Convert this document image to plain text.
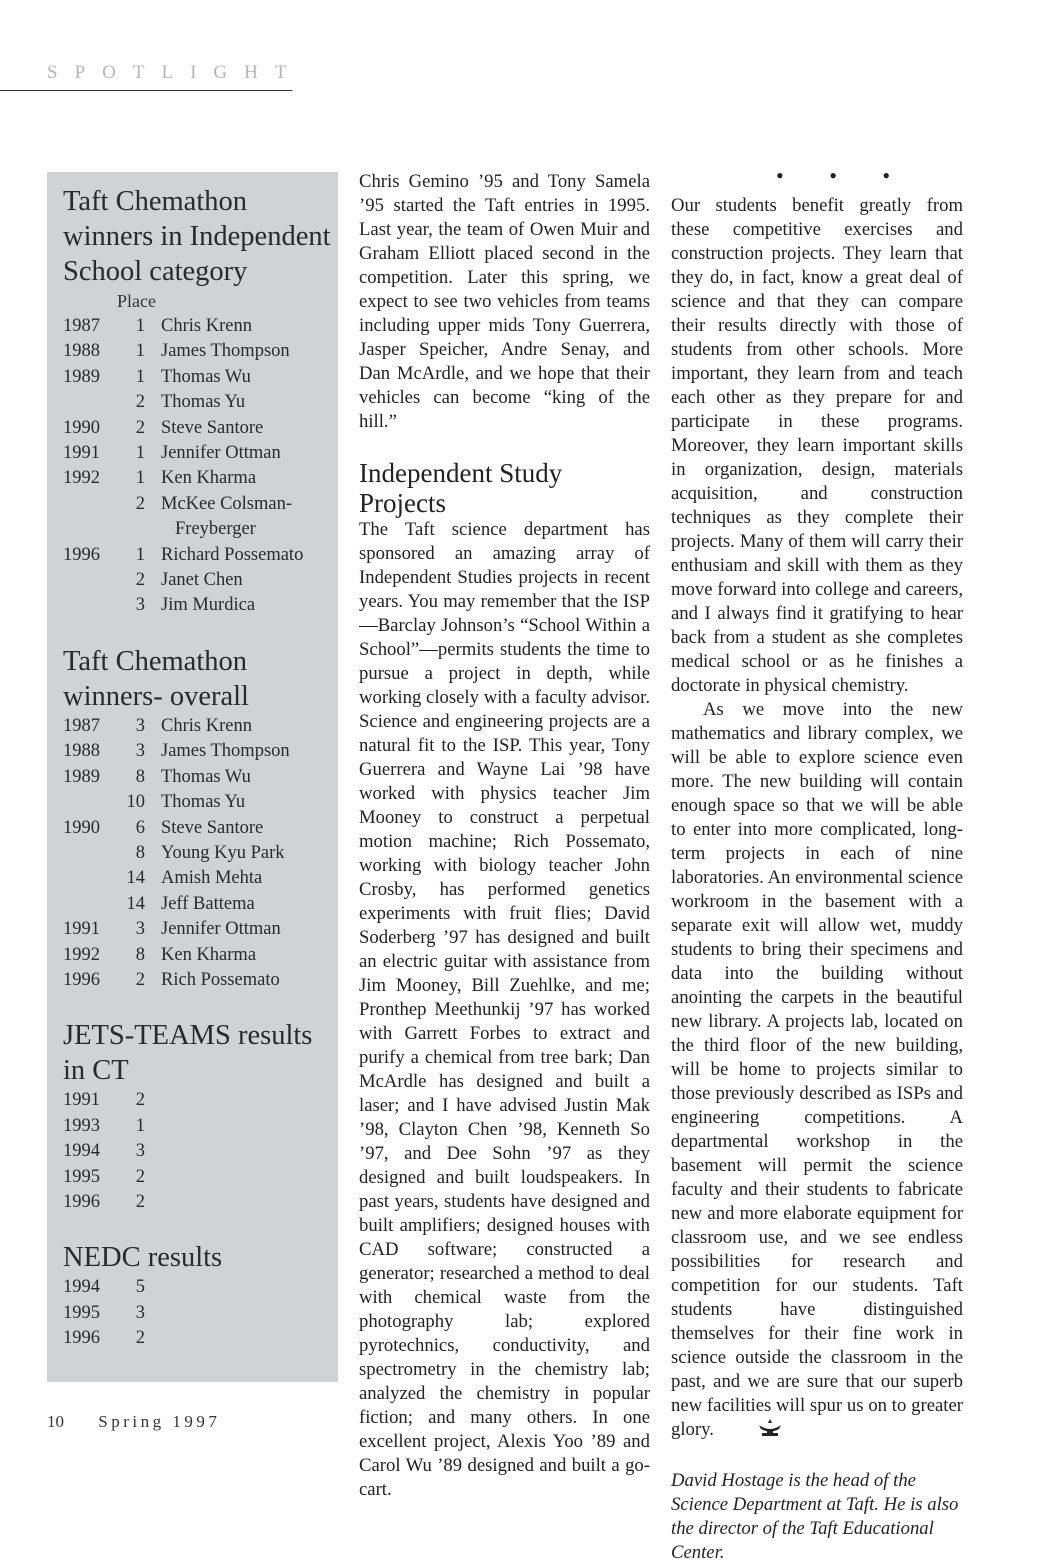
SPOTLIGHT
Taft Chemathon winners in Independent School category
Place
1987	1 Chris Krenn
1988	1 James Thompson
1989	1 Thomas Wu
2 Thomas Yu
1990	2 Steve Santore
1991	1 Jennifer Ottman
1992	1 Ken Kharma
2 McKee Colsman-
Freyberger
1996	1 Richard Possemato
2 Janet Chen
3 Jim Murdica
Taft Chemathon winners- overall
1987	3 Chris Krenn
1988	3 James Thompson
1989	8 Thomas Wu
10 Thomas Yu
1990	6 Steve Santore
8 Young Kyu Park
14 Amish Mehta
14 Jeff Battema
1991	3 Jennifer Ottman
1992	8 Ken Kharma
1996	2 Rich Possemato
JETS-TEAMS results in CT
1991	2
1993	1
1994	3
1995	2
1996	2
NEDC results
1994	5
1995	3
1996	2

Chris Gemino ’95 and Tony Samela ’95 started the Taft entries in 1995. Last year, the team of Owen Muir and Graham Elliott placed second in the competition. Later this spring, we expect to see two vehicles from teams including upper mids Tony Guerrera, Jasper Speicher, Andre Senay, and Dan McArdle, and we hope that their vehicles can become “king of the hill.”

Independent Study Projects

The Taft science department has sponsored an amazing array of Independent Studies projects in recent years. You may remember that the ISP—Barclay Johnson’s “School Within a School”—permits students the time to pursue a project in depth, while working closely with a faculty advisor. Science and engineering projects are a natural fit to the ISP. This year, Tony Guerrera and Wayne Lai ’98 have worked with physics teacher Jim Mooney to construct a perpetual motion machine; Rich Possemato, working with biology teacher John Crosby, has performed genetics experiments with fruit flies; David Soderberg ’97 has designed and built an electric guitar with assistance from Jim Mooney, Bill Zuehlke, and me; Pronthep Meethunkij ’97 has worked with Garrett Forbes to extract and purify a chemical from tree bark; Dan McArdle has designed and built a laser; and I have advised Justin Mak ’98, Clayton Chen ’98, Kenneth So ’97, and Dee Sohn ’97 as they designed and built loudspeakers. In past years, students have designed and built amplifiers; designed houses with CAD software; constructed a generator; researched a method to deal with chemical waste from the photography lab; explored pyrotechnics, conductivity, and spectrometry in the chemistry lab; analyzed the chemistry in popular fiction; and many others. In one excellent project, Alexis Yoo ’89 and Carol Wu ’89 designed and built a go-cart.

• • •

Our students benefit greatly from these competitive exercises and construction projects. They learn that they do, in fact, know a great deal of science and that they can compare their results directly with those of students from other schools. More important, they learn from and teach each other as they prepare for and participate in these programs. Moreover, they learn important skills in organization, design, materials acquisition, and construction techniques as they complete their projects. Many of them will carry their enthusiam and skill with them as they move forward into college and careers, and I always find it gratifying to hear back from a student as she completes medical school or as he finishes a doctorate in physical chemistry.

As we move into the new mathematics and library complex, we will be able to explore science even more. The new building will contain enough space so that we will be able to enter into more complicated, long-term projects in each of nine laboratories. An environmental science workroom in the basement with a separate exit will allow wet, muddy students to bring their specimens and data into the building without anointing the carpets in the beautiful new library. A projects lab, located on the third floor of the new building, will be home to projects similar to those previously described as ISPs and engineering competitions. A departmental workshop in the basement will permit the science faculty and their students to fabricate new and more elaborate equipment for classroom use, and we see endless possibilities for research and competition for our students. Taft students have distinguished themselves for their fine work in science outside the classroom in the past, and we are sure that our superb new facilities will spur us on to greater glory.

David Hostage is the head of the Science Department at Taft. He is also the director of the Taft Educational Center.

10 Spring 1997
